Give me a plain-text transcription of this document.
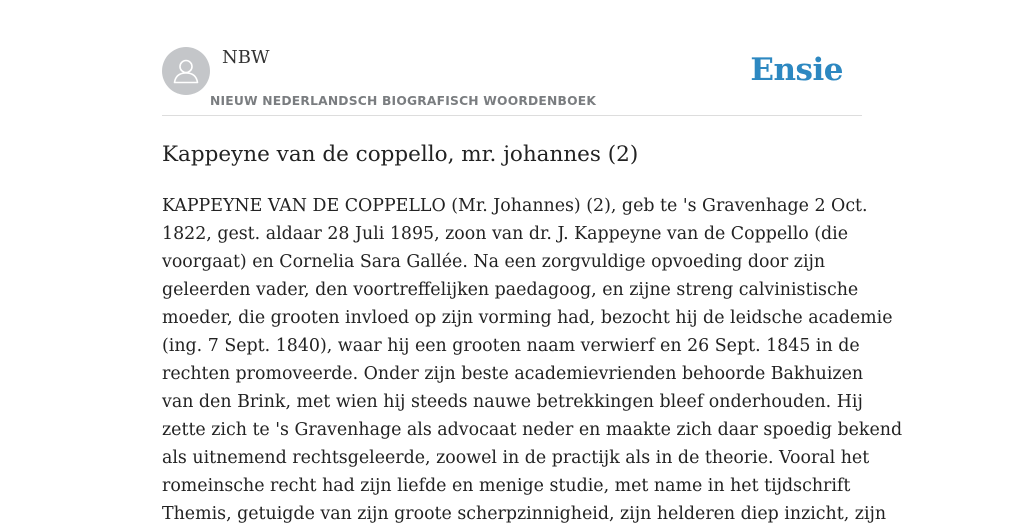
NBW
NIEUW NEDERLANDSCH BIOGRAFISCH WOORDENBOEK
Ensie
Kappeyne van de coppello, mr. johannes (2)
KAPPEYNE VAN DE COPPELLO (Mr. Johannes) (2), geb te 's Gravenhage 2 Oct.
1822, gest. aldaar 28 Juli 1895, zoon van dr. J. Kappeyne van de Coppello (die
voorgaat) en Cornelia Sara Gallée. Na een zorgvuldige opvoeding door zijn
geleerden vader, den voortreffelijken paedagoog, en zijne streng calvinistische
moeder, die grooten invloed op zijn vorming had, bezocht hij de leidsche academie
(ing. 7 Sept. 1840), waar hij een grooten naam verwierf en 26 Sept. 1845 in de
rechten promoveerde. Onder zijn beste academievrienden behoorde Bakhuizen
van den Brink, met wien hij steeds nauwe betrekkingen bleef onderhouden. Hij
zette zich te 's Gravenhage als advocaat neder en maakte zich daar spoedig bekend
als uitnemend rechtsgeleerde, zoowel in de practijk als in de theorie. Vooral het
romeinsche recht had zijn liefde en menige studie, met name in het tijdschrift
Themis, getuigde van zijn groote scherpzinnigheid, zijn helderen diep inzicht, zijn
